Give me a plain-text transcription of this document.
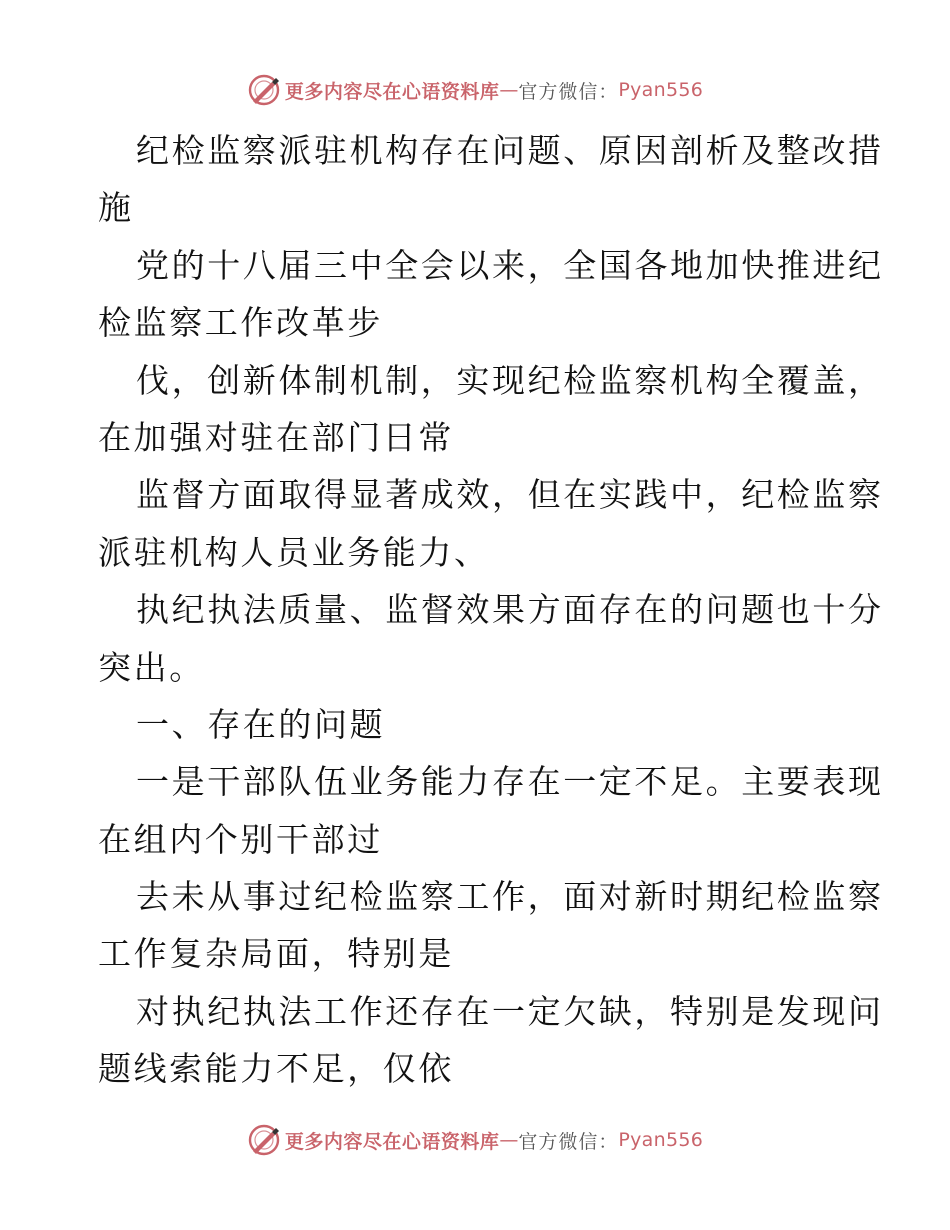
更多内容尽在心语资料库 — 官方微信： Pyan556
纪检监察派驻机构存在问题、原因剖析及整改措
施
党的十八届三中全会以来，全国各地加快推进纪
检监察工作改革步
伐，创新体制机制，实现纪检监察机构全覆盖，
在加强对驻在部门日常
监督方面取得显著成效，但在实践中，纪检监察
派驻机构人员业务能力、
执纪执法质量、监督效果方面存在的问题也十分
突出。
一、存在的问题
一是干部队伍业务能力存在一定不足。主要表现
在组内个别干部过
去未从事过纪检监察工作，面对新时期纪检监察
工作复杂局面，特别是
对执纪执法工作还存在一定欠缺，特别是发现问
题线索能力不足，仅依
更多内容尽在心语资料库 — 官方微信： Pyan556
